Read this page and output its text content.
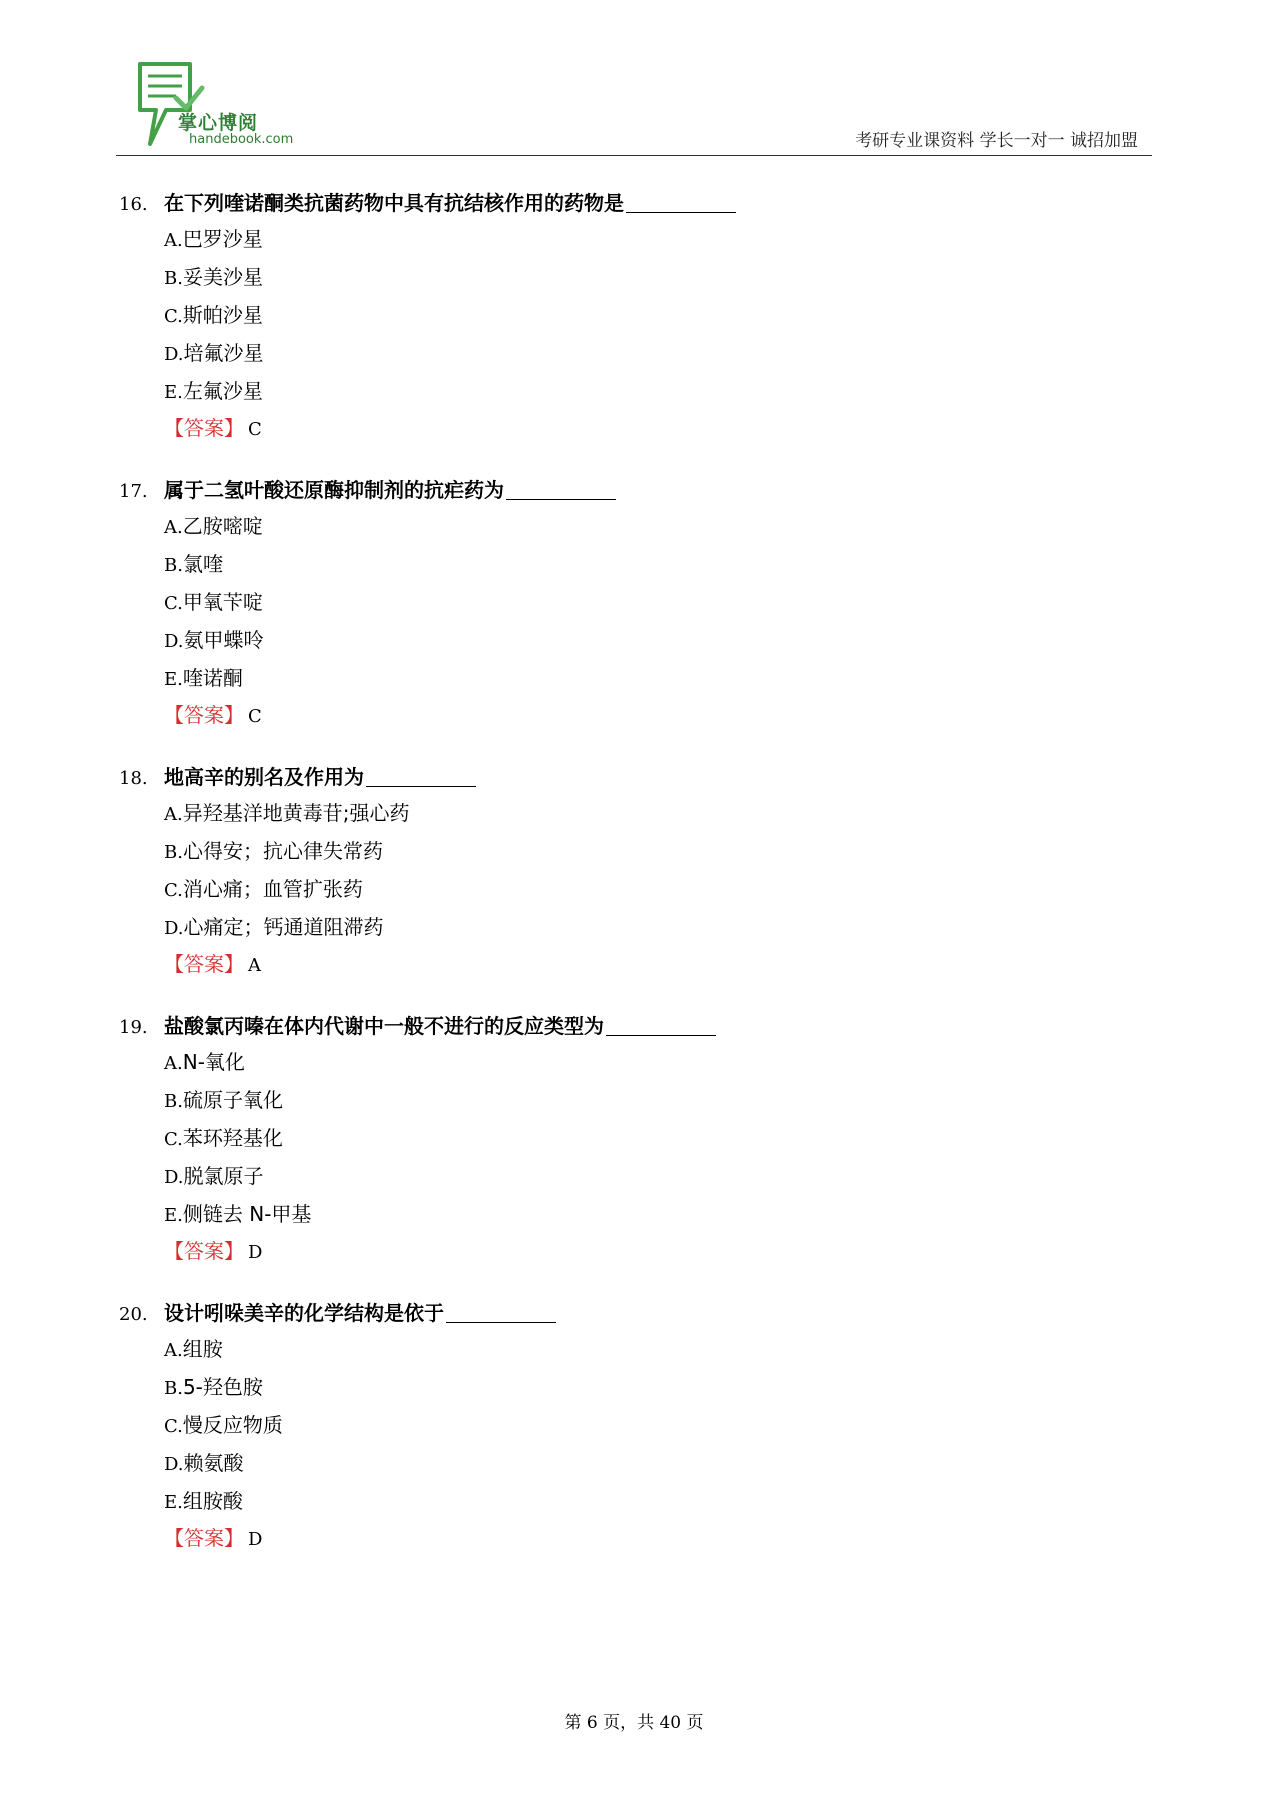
掌心博阅
handebook.com	考研专业课资料 学长一对一 诚招加盟
16. 在下列喹诺酮类抗菌药物中具有抗结核作用的药物是
A.巴罗沙星
B.妥美沙星
C.斯帕沙星
D.培氟沙星
E.左氟沙星
【答案】 C
17. 属于二氢叶酸还原酶抑制剂的抗疟药为
A.乙胺嘧啶
B.氯喹
C.甲氧苄啶
D.氨甲蝶呤
E.喹诺酮
【答案】 C
18. 地高辛的别名及作用为
A.异羟基洋地黄毒苷;强心药
B.心得安；抗心律失常药
C.消心痛；血管扩张药
D.心痛定；钙通道阻滞药
【答案】 A
19. 盐酸氯丙嗪在体内代谢中一般不进行的反应类型为
A.N-氧化
B.硫原子氧化
C.苯环羟基化
D.脱氯原子
E.侧链去 N-甲基
【答案】 D
20. 设计吲哚美辛的化学结构是依于
A.组胺
B.5-羟色胺
C.慢反应物质
D.赖氨酸
E.组胺酸
【答案】 D
第 6 页，共 40 页
